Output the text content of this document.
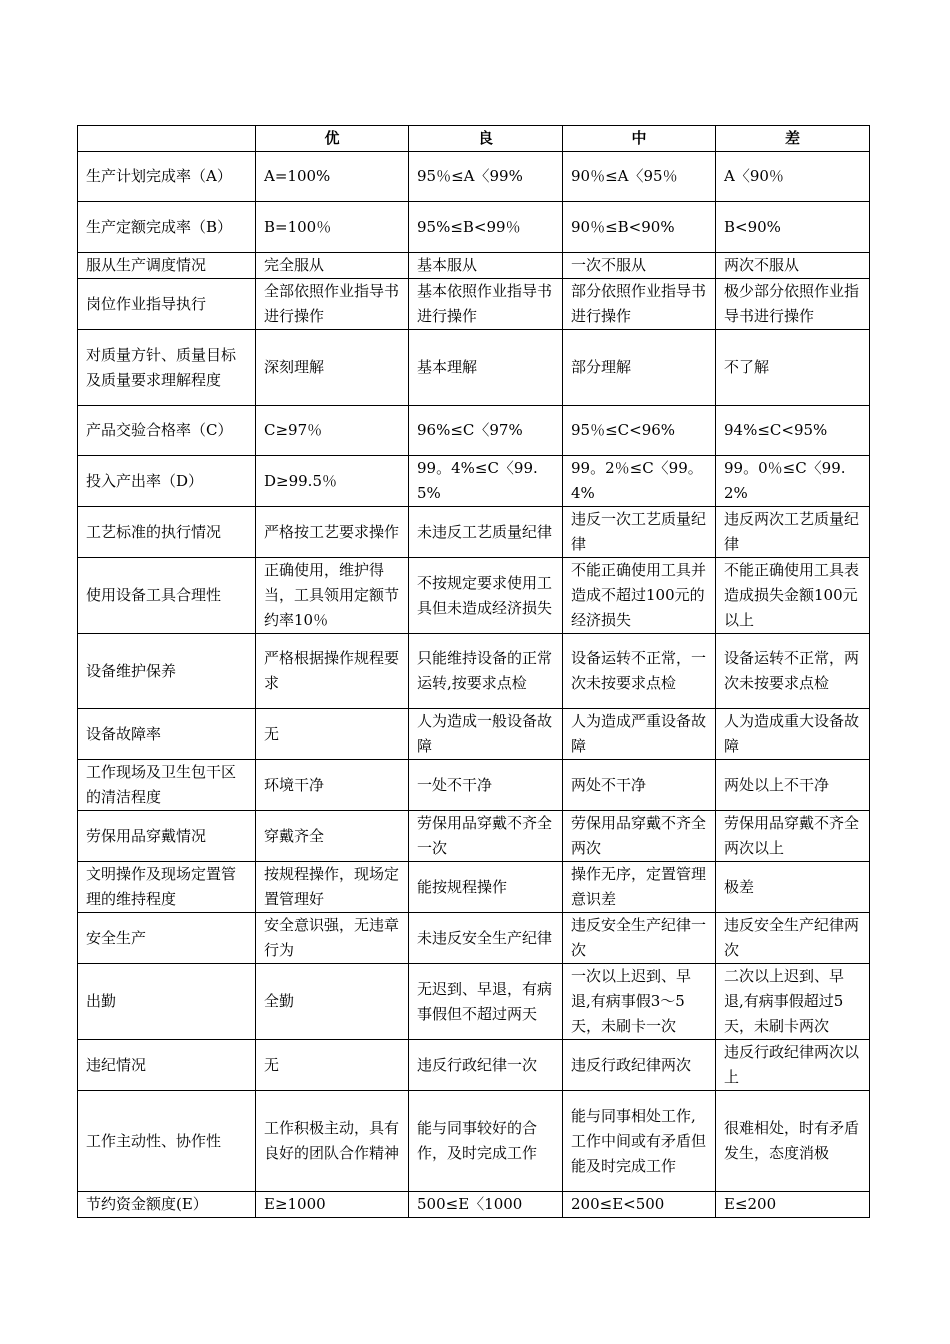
	优	良	中	差
生产计划完成率（A）	A=100%	95％≤A〈99%	90％≤A〈95％	A〈90％
生产定额完成率（B）	B=100％	95%≤B<99％	90％≤B<90%	B<90%
服从生产调度情况	完全服从	基本服从	一次不服从	两次不服从
岗位作业指导执行	全部依照作业指导书进行操作	基本依照作业指导书进行操作	部分依照作业指导书进行操作	极少部分依照作业指导书进行操作
对质量方针、质量目标及质量要求理解程度	深刻理解	基本理解	部分理解	不了解
产品交验合格率（C）	C≥97％	96%≤C〈97%	95％≤C<96%	94%≤C<95%
投入产出率（D）	D≥99.5％	99。4%≤C〈99.5%	99。2％≤C〈99。4%	99。0％≤C〈99.2%
工艺标准的执行情况	严格按工艺要求操作	未违反工艺质量纪律	违反一次工艺质量纪律	违反两次工艺质量纪律
使用设备工具合理性	正确使用，维护得当，工具领用定额节约率10％	不按规定要求使用工具但未造成经济损失	不能正确使用工具并造成不超过100元的经济损失	不能正确使用工具表造成损失金额100元以上
设备维护保养	严格根据操作规程要求	只能维持设备的正常运转,按要求点检	设备运转不正常，一次未按要求点检	设备运转不正常，两次未按要求点检
设备故障率	无	人为造成一般设备故障	人为造成严重设备故障	人为造成重大设备故障
工作现场及卫生包干区的清洁程度	环境干净	一处不干净	两处不干净	两处以上不干净
劳保用品穿戴情况	穿戴齐全	劳保用品穿戴不齐全一次	劳保用品穿戴不齐全两次	劳保用品穿戴不齐全两次以上
文明操作及现场定置管理的维持程度	按规程操作，现场定置管理好	能按规程操作	操作无序，定置管理意识差	极差
安全生产	安全意识强，无违章行为	未违反安全生产纪律	违反安全生产纪律一次	违反安全生产纪律两次
出勤	全勤	无迟到、早退，有病事假但不超过两天	一次以上迟到、早退,有病事假3～5天，未刷卡一次	二次以上迟到、早退,有病事假超过5天，未刷卡两次
违纪情况	无	违反行政纪律一次	违反行政纪律两次	违反行政纪律两次以上
工作主动性、协作性	工作积极主动，具有良好的团队合作精神	能与同事较好的合作，及时完成工作	能与同事相处工作,工作中间或有矛盾但能及时完成工作	很难相处，时有矛盾发生，态度消极
节约资金额度(E）	E≥1000	500≤E〈1000	200≤E<500	E≤200
